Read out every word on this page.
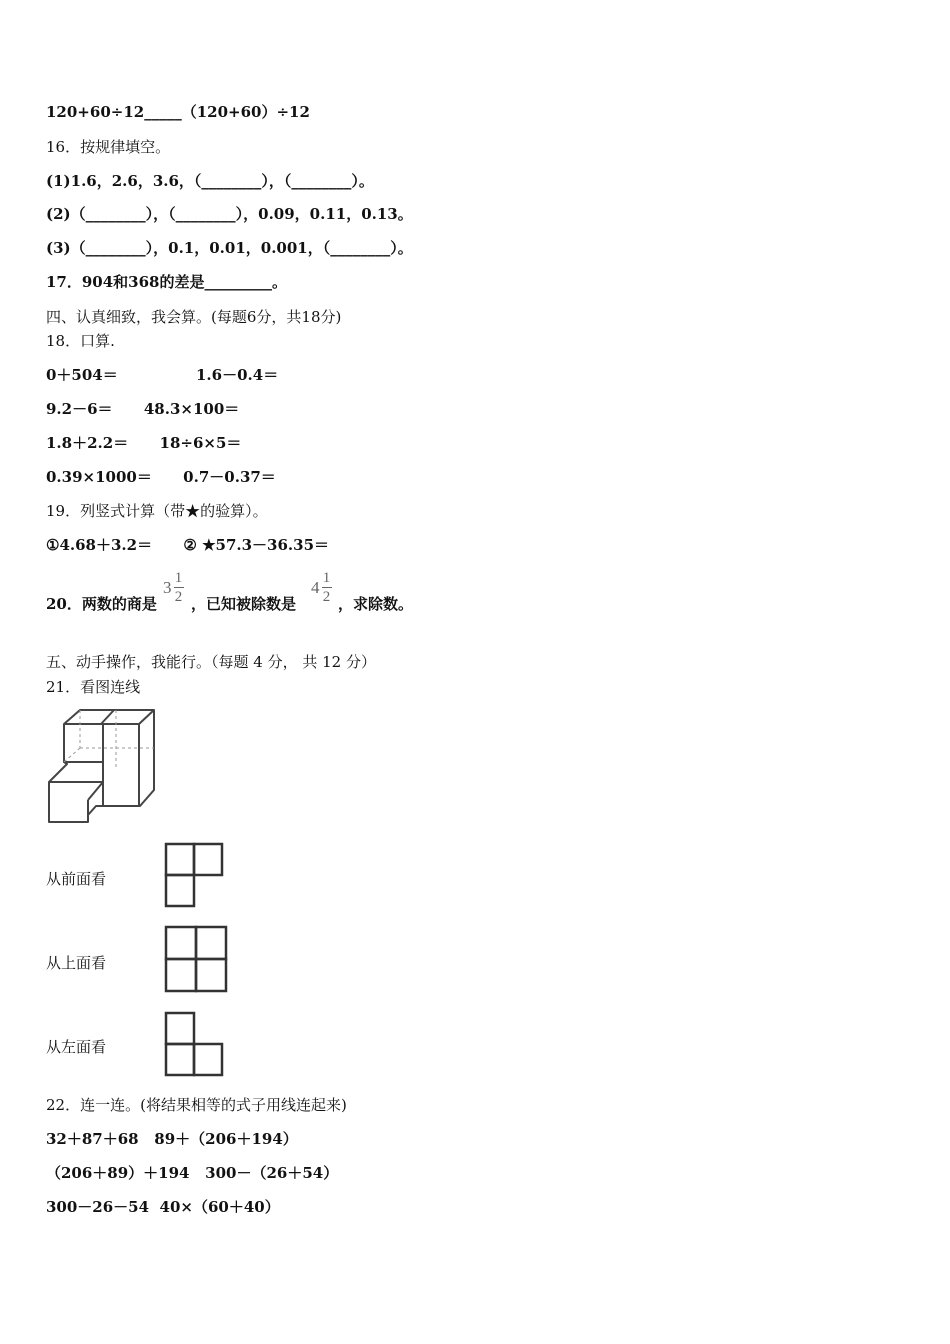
120+60÷12_____（120+60）÷12
16．按规律填空。
(1)1.6，2.6，3.6，（________），（________）。
(2)（________），（________），0.09，0.11，0.13。
(3)（________），0.1，0.01，0.001，（________）。
17．904和368的差是_________。
四、认真细致，我会算。(每题6分，共18分)
18．口算.
0＋504＝	1.6－0.4＝
9.2－6＝      48.3×100＝
1.8＋2.2＝      18÷6×5＝
0.39×1000＝      0.7－0.37＝
19．列竖式计算（带★的验算）。
①4.68＋3.2＝      ② ★57.3－36.35＝
20．两数的商是
$3 \frac{1}{2}$ ，已知被除数是
$4 \frac{1}{2}$ ，求除数。
五、动手操作，我能行。（每题 4 分， 共 12 分）
21．看图连线
从前面看
从上面看
从左面看
22．连一连。(将结果相等的式子用线连起来)
32＋87＋68   89＋（206＋194）
（206＋89）＋194   300－（26＋54）
300－26－54  40×（60＋40）
